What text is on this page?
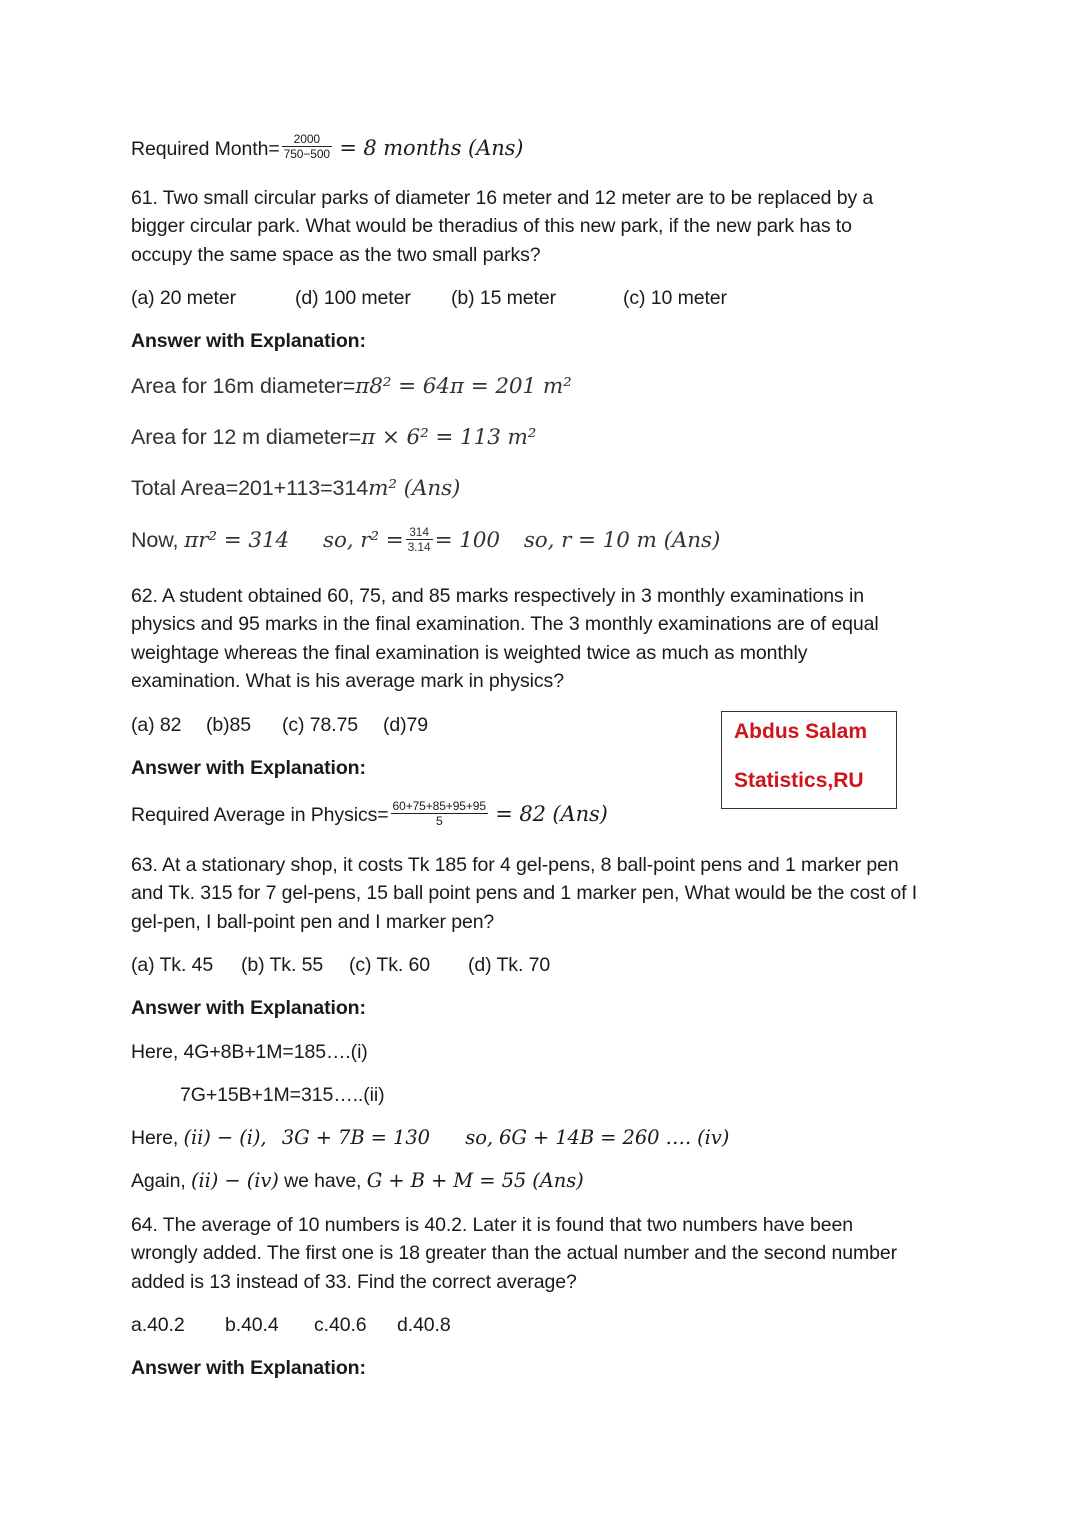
Required Month= $\frac{2000}{750-500} = 8$ months (Ans)
61. Two small circular parks of diameter 16 meter and 12 meter are to be replaced by a
bigger circular park. What would be theradius of this new park, if the new park has to
occupy the same space as the two small parks?
(a) 20 meter	(d) 100 meter (b) 15 meter	(c) 10 meter
Answer with Explanation:
Area for 16m diameter=π8² = 64π = 201 m²
Area for 12 m diameter=π × 6² = 113 m²
Total Area=201+113=314m² (Ans)
Now, πr² = 314 so, $r^2 = \frac{314}{3.14} = 100$ so, r = 10 m (Ans)
62. A student obtained 60, 75, and 85 marks respectively in 3 monthly examinations in
physics and 95 marks in the final examination. The 3 monthly examinations are of equal
weightage whereas the final examination is weighted twice as much as monthly
examination. What is his average mark in physics?
(a) 82 (b)85 (c) 78.75 (d)79
Answer with Explanation:
Required Average in Physics= $\frac{60+75+85+95+95}{5} = 82$ (Ans)
Abdus Salam
Statistics,RU
63. At a stationary shop, it costs Tk 185 for 4 gel-pens, 8 ball-point pens and 1 marker pen
and Tk. 315 for 7 gel-pens, 15 ball point pens and 1 marker pen, What would be the cost of I
gel-pen, I ball-point pen and I marker pen?
(a) Tk. 45 (b) Tk. 55 (c) Tk. 60 (d) Tk. 70
Answer with Explanation:
Here, 4G+8B+1M=185….(i)
7G+15B+1M=315…..(ii)
Here, (ii) − (i), 3G + 7B = 130 so, 6G + 14B = 260 …. (iv)
Again, (ii) − (iv) we have, G + B + M = 55 (Ans)
64. The average of 10 numbers is 40.2. Later it is found that two numbers have been
wrongly added. The first one is 18 greater than the actual number and the second number
added is 13 instead of 33. Find the correct average?
a.40.2 b.40.4 c.40.6 d.40.8
Answer with Explanation:
